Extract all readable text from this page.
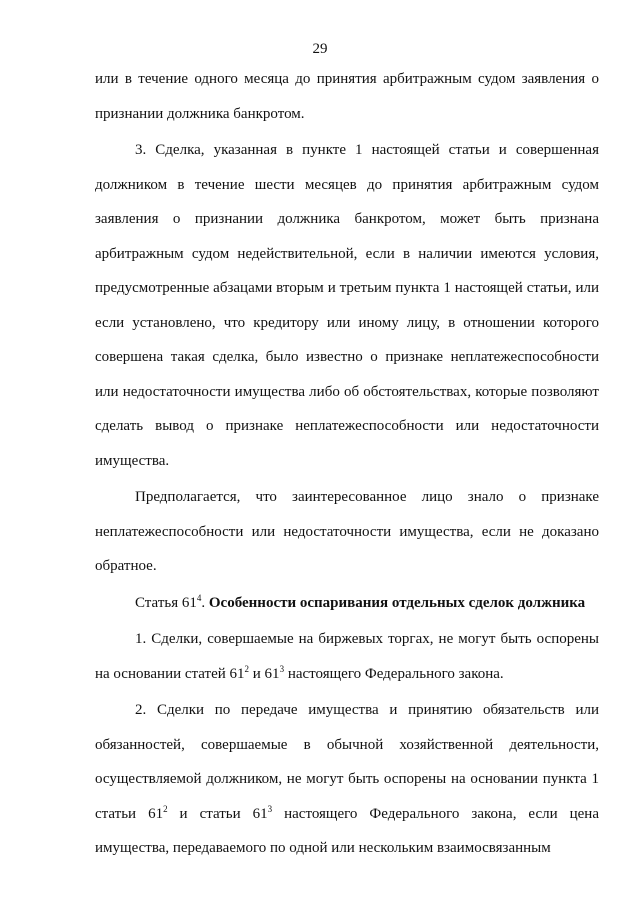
29

или в течение одного месяца до принятия арбитражным судом заявления о признании должника банкротом.

3. Сделка, указанная в пункте 1 настоящей статьи и совершенная должником в течение шести месяцев до принятия арбитражным судом заявления о признании должника банкротом, может быть признана арбитражным судом недействительной, если в наличии имеются условия, предусмотренные абзацами вторым и третьим пункта 1 настоящей статьи, или если установлено, что кредитору или иному лицу, в отношении которого совершена такая сделка, было известно о признаке неплатежеспособности или недостаточности имущества либо об обстоятельствах, которые позволяют сделать вывод о признаке неплатежеспособности или недостаточности имущества.

Предполагается, что заинтересованное лицо знало о признаке неплатежеспособности или недостаточности имущества, если не доказано обратное.

Статья $61^4$. Особенности оспаривания отдельных сделок должника

1. Сделки, совершаемые на биржевых торгах, не могут быть оспорены на основании статей $61^2$ и $61^3$ настоящего Федерального закона.

2. Сделки по передаче имущества и принятию обязательств или обязанностей, совершаемые в обычной хозяйственной деятельности, осуществляемой должником, не могут быть оспорены на основании пункта 1 статьи $61^2$ и статьи $61^3$ настоящего Федерального закона, если цена имущества, передаваемого по одной или нескольким взаимосвязанным
